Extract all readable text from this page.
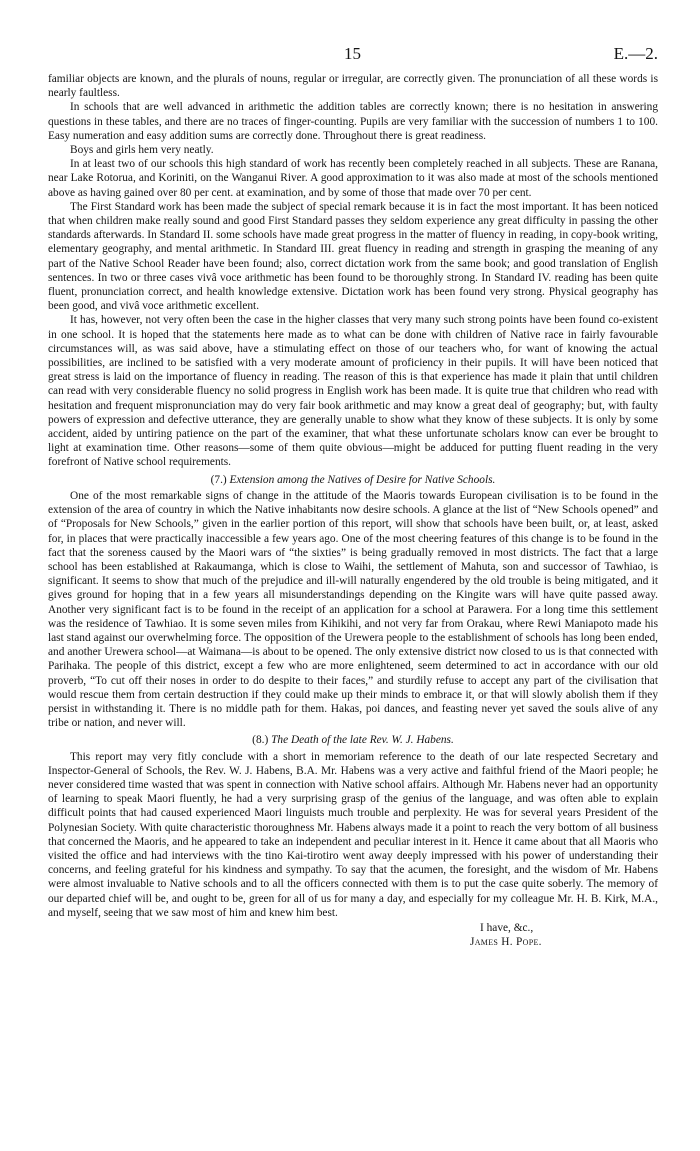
15	E.—2.

familiar objects are known, and the plurals of nouns, regular or irregular, are correctly given. The pronunciation of all these words is nearly faultless.

In schools that are well advanced in arithmetic the addition tables are correctly known; there is no hesitation in answering questions in these tables, and there are no traces of finger-counting. Pupils are very familiar with the succession of numbers 1 to 100. Easy numeration and easy addition sums are correctly done. Throughout there is great readiness.

Boys and girls hem very neatly.

In at least two of our schools this high standard of work has recently been completely reached in all subjects. These are Ranana, near Lake Rotorua, and Koriniti, on the Wanganui River. A good approximation to it was also made at most of the schools mentioned above as having gained over 80 per cent. at examination, and by some of those that made over 70 per cent.

The First Standard work has been made the subject of special remark because it is in fact the most important. It has been noticed that when children make really sound and good First Standard passes they seldom experience any great difficulty in passing the other standards afterwards. In Standard II. some schools have made great progress in the matter of fluency in reading, in copy-book writing, elementary geography, and mental arithmetic. In Standard III. great fluency in reading and strength in grasping the meaning of any part of the Native School Reader have been found; also, correct dictation work from the same book; and good translation of English sentences. In two or three cases vivâ voce arithmetic has been found to be thoroughly strong. In Standard IV. reading has been quite fluent, pronunciation correct, and health knowledge extensive. Dictation work has been found very strong. Physical geography has been good, and vivâ voce arithmetic excellent.

It has, however, not very often been the case in the higher classes that very many such strong points have been found co-existent in one school. It is hoped that the statements here made as to what can be done with children of Native race in fairly favourable circumstances will, as was said above, have a stimulating effect on those of our teachers who, for want of knowing the actual possibilities, are inclined to be satisfied with a very moderate amount of proficiency in their pupils. It will have been noticed that great stress is laid on the importance of fluency in reading. The reason of this is that experience has made it plain that until children can read with very considerable fluency no solid progress in English work has been made. It is quite true that children who read with hesitation and frequent mispronunciation may do very fair book arithmetic and may know a great deal of geography; but, with faulty powers of expression and defective utterance, they are generally unable to show what they know of these subjects. It is only by some accident, aided by untiring patience on the part of the examiner, that what these unfortunate scholars know can ever be brought to light at examination time. Other reasons—some of them quite obvious—might be adduced for putting fluent reading in the very forefront of Native school requirements.

(7.) Extension among the Natives of Desire for Native Schools.

One of the most remarkable signs of change in the attitude of the Maoris towards European civilisation is to be found in the extension of the area of country in which the Native inhabitants now desire schools. A glance at the list of “New Schools opened” and of “Proposals for New Schools,” given in the earlier portion of this report, will show that schools have been built, or, at least, asked for, in places that were practically inaccessible a few years ago. One of the most cheering features of this change is to be found in the fact that the soreness caused by the Maori wars of “the sixties” is being gradually removed in most districts. The fact that a large school has been established at Rakaumanga, which is close to Waihi, the settlement of Mahuta, son and successor of Tawhiao, is significant. It seems to show that much of the prejudice and ill-will naturally engendered by the old trouble is being mitigated, and it gives ground for hoping that in a few years all misunderstandings depending on the Kingite wars will have quite passed away. Another very significant fact is to be found in the receipt of an application for a school at Parawera. For a long time this settlement was the residence of Tawhiao. It is some seven miles from Kihikihi, and not very far from Orakau, where Rewi Maniapoto made his last stand against our overwhelming force. The opposition of the Urewera people to the establishment of schools has long been ended, and another Urewera school—at Waimana—is about to be opened. The only extensive district now closed to us is that connected with Parihaka. The people of this district, except a few who are more enlightened, seem determined to act in accordance with our old proverb, “To cut off their noses in order to do despite to their faces,” and sturdily refuse to accept any part of the civilisation that would rescue them from certain destruction if they could make up their minds to embrace it, or that will slowly abolish them if they persist in withstanding it. There is no middle path for them. Hakas, poi dances, and feasting never yet saved the souls alive of any tribe or nation, and never will.

(8.) The Death of the late Rev. W. J. Habens.

This report may very fitly conclude with a short in memoriam reference to the death of our late respected Secretary and Inspector-General of Schools, the Rev. W. J. Habens, B.A. Mr. Habens was a very active and faithful friend of the Maori people; he never considered time wasted that was spent in connection with Native school affairs. Although Mr. Habens never had an opportunity of learning to speak Maori fluently, he had a very surprising grasp of the genius of the language, and was often able to explain difficult points that had caused experienced Maori linguists much trouble and perplexity. He was for several years President of the Polynesian Society. With quite characteristic thoroughness Mr. Habens always made it a point to reach the very bottom of all business that concerned the Maoris, and he appeared to take an independent and peculiar interest in it. Hence it came about that all Maoris who visited the office and had interviews with the tino Kai-tirotiro went away deeply impressed with his power of understanding their concerns, and feeling grateful for his kindness and sympathy. To say that the acumen, the foresight, and the wisdom of Mr. Habens were almost invaluable to Native schools and to all the officers connected with them is to put the case quite soberly. The memory of our departed chief will be, and ought to be, green for all of us for many a day, and especially for my colleague Mr. H. B. Kirk, M.A., and myself, seeing that we saw most of him and knew him best.

I have, &c.,
James H. Pope.
